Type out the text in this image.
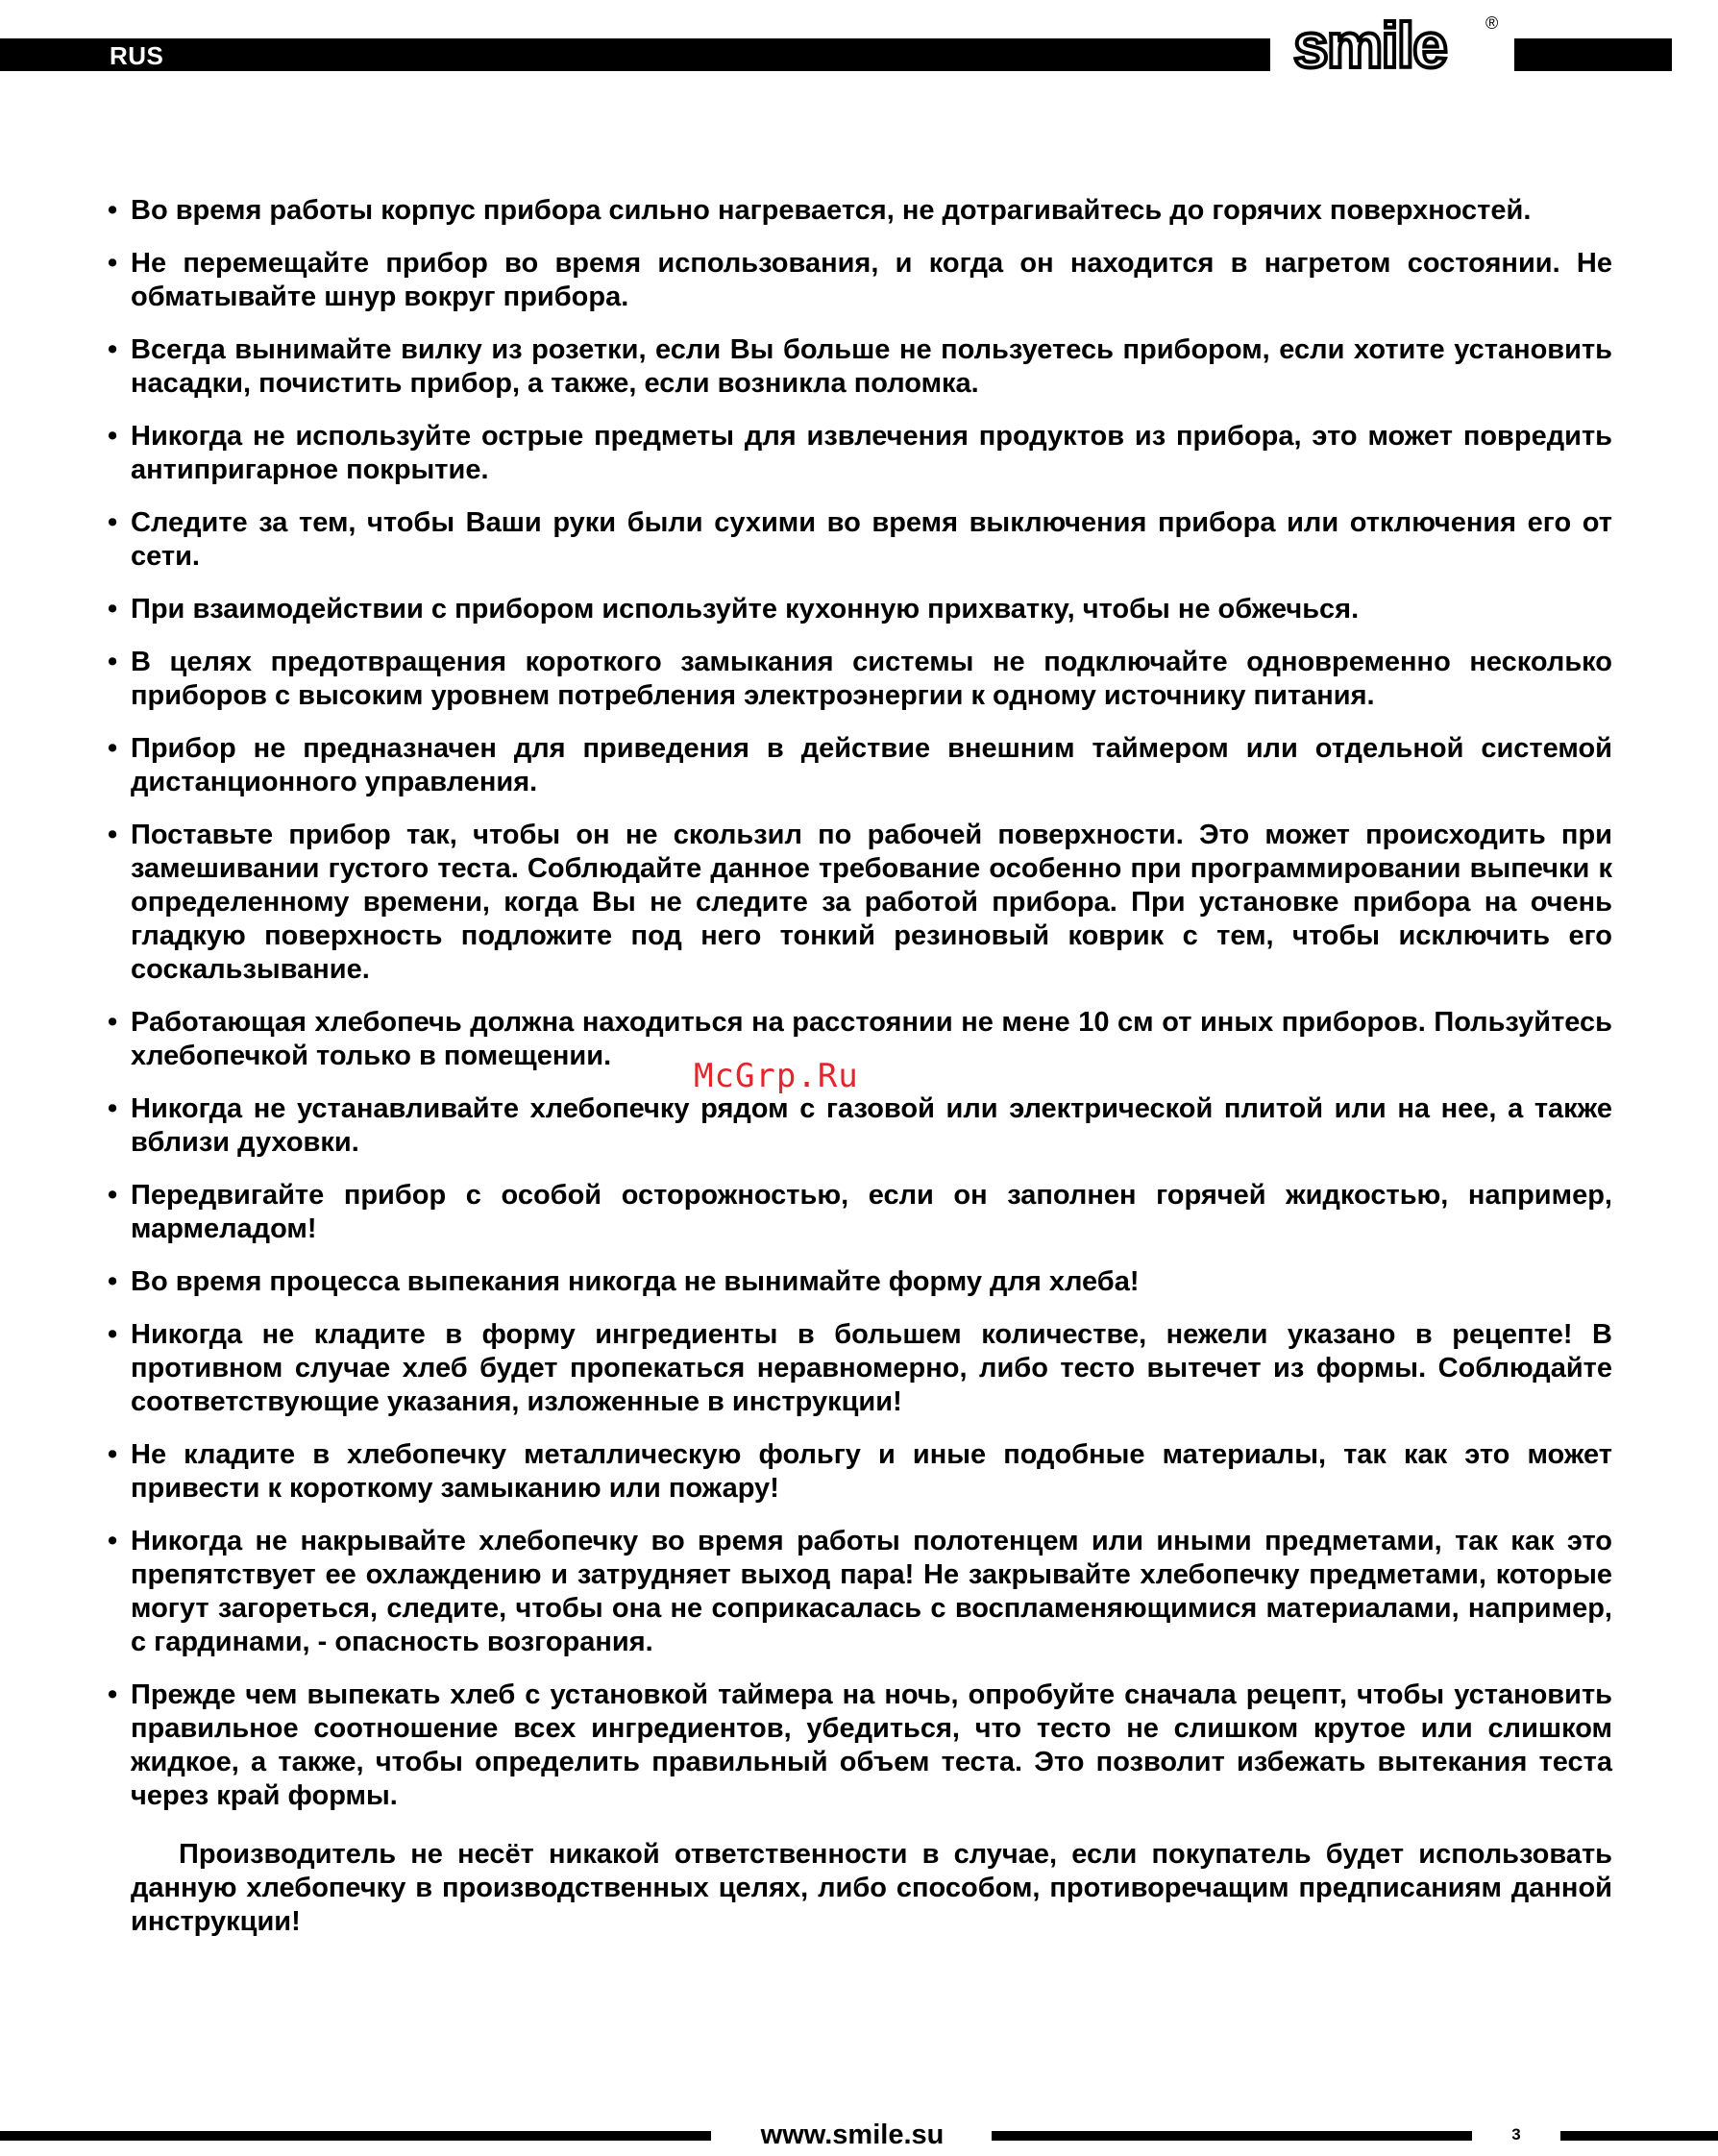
RUS	smile ®
• Во время работы корпус прибора сильно нагревается, не дотрагивайтесь до горячих поверхностей.
• Не перемещайте прибор во время использования, и когда он находится в нагретом состоянии. Не обматывайте шнур вокруг прибора.
• Всегда вынимайте вилку из розетки, если Вы больше не пользуетесь прибором, если хотите установить насадки, почистить прибор, а также, если возникла поломка.
• Никогда не используйте острые предметы для извлечения продуктов из прибора, это может повредить антипригарное покрытие.
• Следите за тем, чтобы Ваши руки были сухими во время выключения прибора или отключения его от сети.
• При взаимодействии с прибором используйте кухонную прихватку, чтобы не обжечься.
• В целях предотвращения короткого замыкания системы не подключайте одновременно несколько приборов с высоким уровнем потребления электроэнергии к одному источнику питания.
• Прибор не предназначен для приведения в действие внешним таймером или отдельной системой дистанционного управления.
• Поставьте прибор так, чтобы он не скользил по рабочей поверхности. Это может происходить при замешивании густого теста. Соблюдайте данное требование особенно при программировании выпечки к определенному времени, когда Вы не следите за работой прибора. При установке прибора на очень гладкую поверхность подложите под него тонкий резиновый коврик с тем, чтобы исключить его соскальзывание.
• Работающая хлебопечь должна находиться на расстоянии не мене 10 см от иных приборов. Пользуйтесь хлебопечкой только в помещении.
• Никогда не устанавливайте хлебопечку рядом с газовой или электрической плитой или на нее, а также вблизи духовки.
• Передвигайте прибор с особой осторожностью, если он заполнен горячей жидкостью, например, мармеладом!
• Во время процесса выпекания никогда не вынимайте форму для хлеба!
• Никогда не кладите в форму ингредиенты в большем количестве, нежели указано в рецепте! В противном случае хлеб будет пропекаться неравномерно, либо тесто вытечет из формы. Соблюдайте соответствующие указания, изложенные в инструкции!
• Не кладите в хлебопечку металлическую фольгу и иные подобные материалы, так как это может привести к короткому замыканию или пожару!
• Никогда не накрывайте хлебопечку во время работы полотенцем или иными предметами, так как это препятствует ее охлаждению и затрудняет выход пара! Не закрывайте хлебопечку предметами, которые могут загореться, следите, чтобы она не соприкасалась с воспламеняющимися материалами, например, с гардинами, - опасность возгорания.
• Прежде чем выпекать хлеб с установкой таймера на ночь, опробуйте сначала рецепт, чтобы установить правильное соотношение всех ингредиентов, убедиться, что тесто не слишком крутое или слишком жидкое, а также, чтобы определить правильный объем теста. Это позволит избежать вытекания теста через край формы.
Производитель не несёт никакой ответственности в случае, если покупатель будет использовать данную хлебопечку в производственных целях, либо способом, противоречащим предписаниям данной инструкции!
McGrp.Ru
www.smile.su	3
